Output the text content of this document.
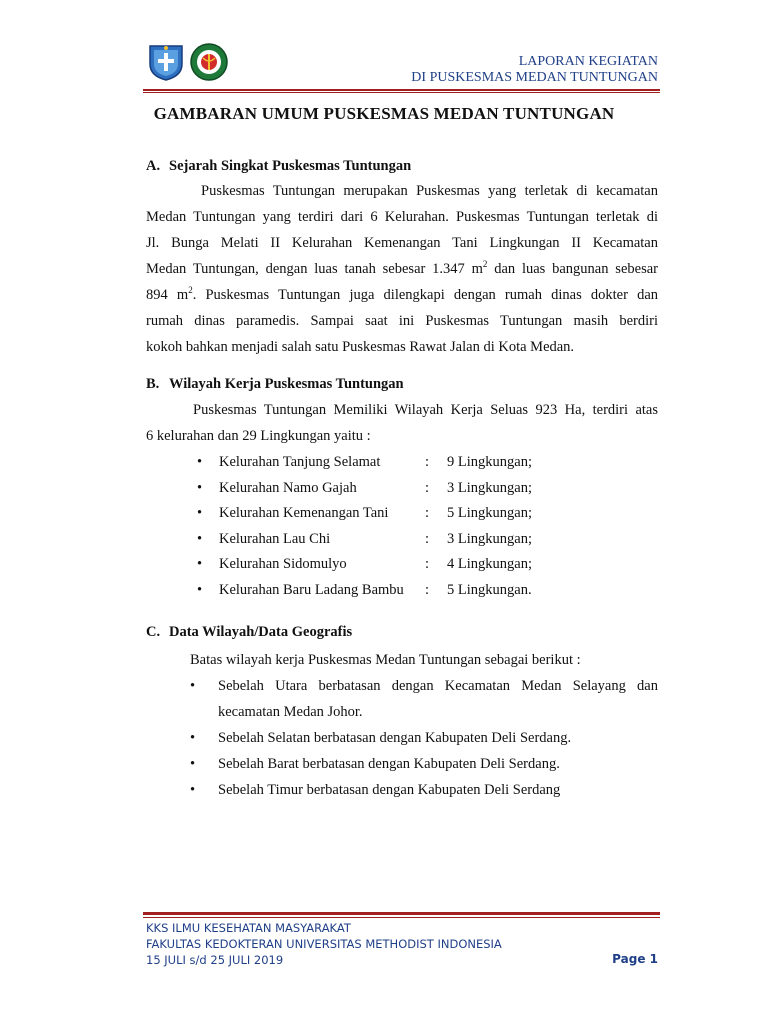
LAPORAN KEGIATAN
DI PUSKESMAS MEDAN TUNTUNGAN
GAMBARAN UMUM PUSKESMAS MEDAN TUNTUNGAN
A. Sejarah Singkat Puskesmas Tuntungan
Puskesmas Tuntungan merupakan Puskesmas yang terletak di kecamatan
Medan Tuntungan yang terdiri dari 6 Kelurahan. Puskesmas Tuntungan terletak di
Jl. Bunga Melati II Kelurahan Kemenangan Tani Lingkungan II Kecamatan
Medan Tuntungan, dengan luas tanah sebesar 1.347 $m^2$ dan luas bangunan sebesar
894 $m^2$. Puskesmas Tuntungan juga dilengkapi dengan rumah dinas dokter dan
rumah dinas paramedis. Sampai saat ini Puskesmas Tuntungan masih berdiri
kokoh bahkan menjadi salah satu Puskesmas Rawat Jalan di Kota Medan.
B. Wilayah Kerja Puskesmas Tuntungan
Puskesmas Tuntungan Memiliki Wilayah Kerja Seluas 923 Ha, terdiri atas
6 kelurahan dan 29 Lingkungan yaitu :
•	Kelurahan Tanjung Selamat	:	9 Lingkungan;
•	Kelurahan Namo Gajah	:	3 Lingkungan;
•	Kelurahan Kemenangan Tani	:	5 Lingkungan;
•	Kelurahan Lau Chi	:	3 Lingkungan;
•	Kelurahan Sidomulyo	:	4 Lingkungan;
•	Kelurahan Baru Ladang Bambu	:	5 Lingkungan.
C. Data Wilayah/Data Geografis
Batas wilayah kerja Puskesmas Medan Tuntungan sebagai berikut :
•	Sebelah Utara berbatasan dengan Kecamatan Medan Selayang dan
kecamatan Medan Johor.
•	Sebelah Selatan berbatasan dengan Kabupaten Deli Serdang.
•	Sebelah Barat berbatasan dengan Kabupaten Deli Serdang.
•	Sebelah Timur berbatasan dengan Kabupaten Deli Serdang
KKS ILMU KESEHATAN MASYARAKAT
FAKULTAS KEDOKTERAN UNIVERSITAS METHODIST INDONESIA
15 JULI s/d 25 JULI 2019	Page 1
